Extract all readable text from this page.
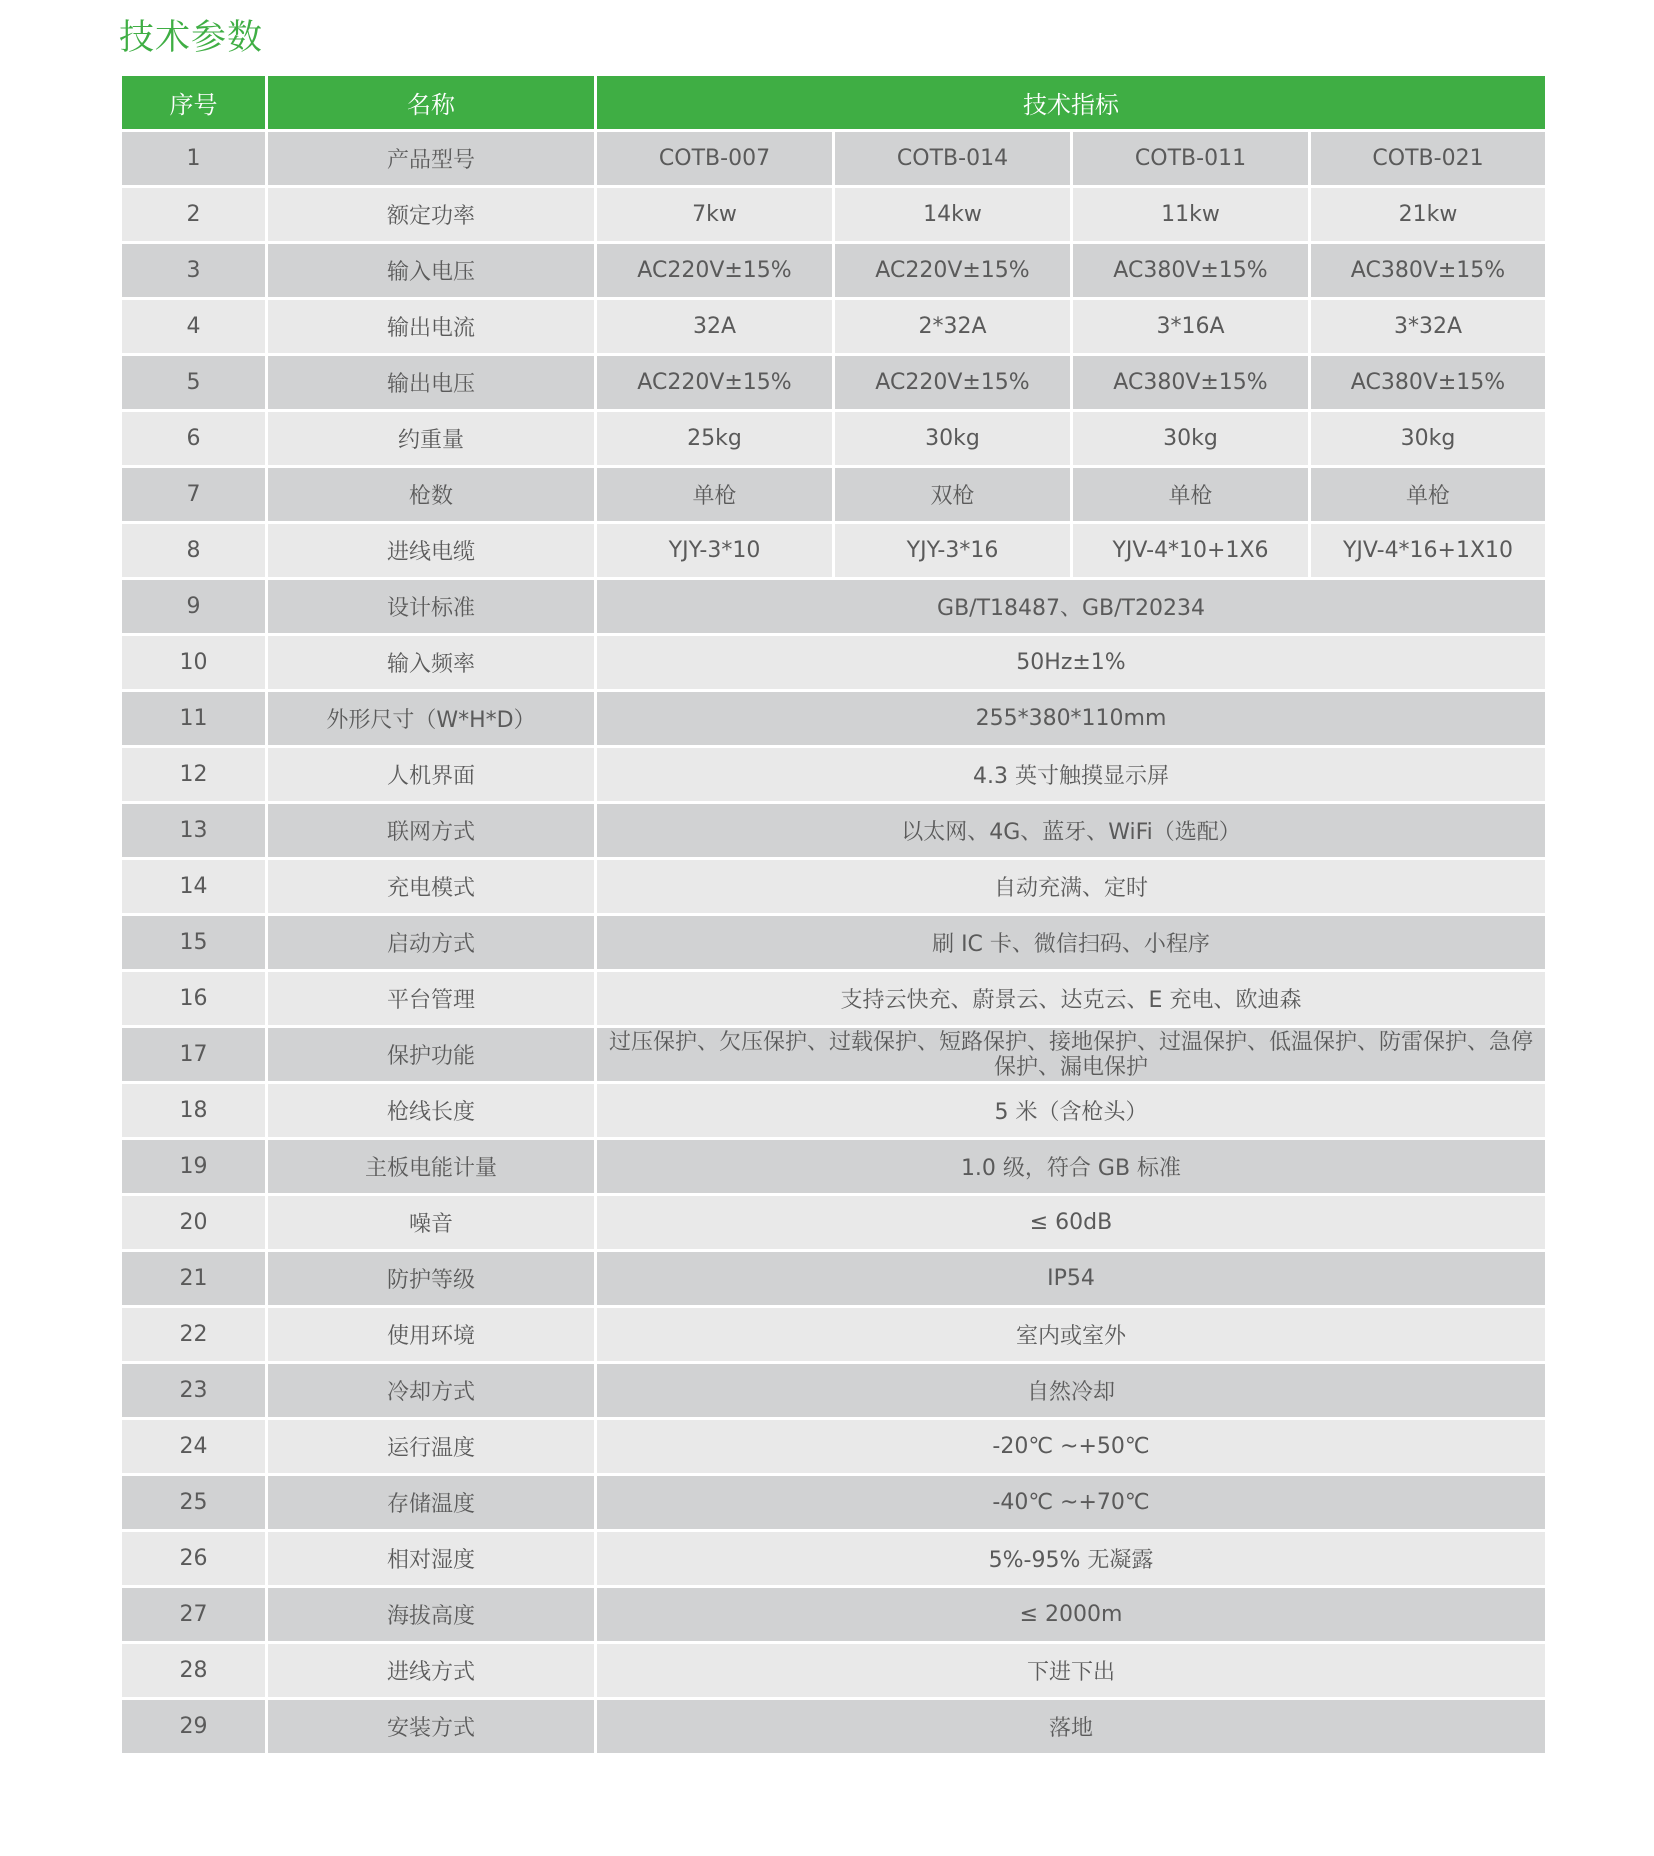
技术参数
序号	名称	技术指标			
1	产品型号	COTB-007	COTB-014	COTB-011	COTB-021
2	额定功率	7kw	14kw	11kw	21kw
3	输入电压	AC220V±15%	AC220V±15%	AC380V±15%	AC380V±15%
4	输出电流	32A	2*32A	3*16A	3*32A
5	输出电压	AC220V±15%	AC220V±15%	AC380V±15%	AC380V±15%
6	约重量	25kg	30kg	30kg	30kg
7	枪数	单枪	双枪	单枪	单枪
8	进线电缆	YJY-3*10	YJY-3*16	YJV-4*10+1X6	YJV-4*16+1X10
9	设计标准	GB/T18487、GB/T20234			
10	输入频率	50Hz±1%			
11	外形尺寸（W*H*D）	255*380*110mm			
12	人机界面	4.3 英寸触摸显示屏			
13	联网方式	以太网、4G、蓝牙、WiFi（选配）			
14	充电模式	自动充满、定时			
15	启动方式	刷 IC 卡、微信扫码、小程序			
16	平台管理	支持云快充、蔚景云、达克云、E 充电、欧迪森			
17	保护功能	过压保护、欠压保护、过载保护、短路保护、接地保护、过温保护、低温保护、防雷保护、急停保护、漏电保护			
18	枪线长度	5 米（含枪头）			
19	主板电能计量	1.0 级，符合 GB 标准			
20	噪音	≤ 60dB			
21	防护等级	IP54			
22	使用环境	室内或室外			
23	冷却方式	自然冷却			
24	运行温度	-20℃ ~+50℃			
25	存储温度	-40℃ ~+70℃			
26	相对湿度	5%-95% 无凝露			
27	海拔高度	≤ 2000m			
28	进线方式	下进下出			
29	安装方式	落地			
